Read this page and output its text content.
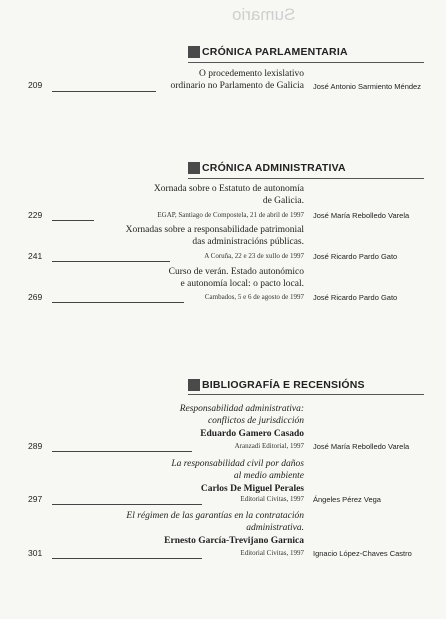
Sumario
CRÓNICA PARLAMENTARIA
O procedemento lexislativo
ordinario no Parlamento de Galicia
209	José Antonio Sarmiento Méndez
CRÓNICA ADMINISTRATIVA
Xornada sobre o Estatuto de autonomía
de Galicia.
229	EGAP, Santiago de Compostela, 21 de abril de 1997 José María Rebolledo Varela
Xornadas sobre a responsabilidade patrimonial
das administracións públicas.
241	A Coruña, 22 e 23 de xullo de 1997 José Ricardo Pardo Gato
Curso de verán. Estado autonómico
e autonomía local: o pacto local.
269	Cambados, 5 e 6 de agosto de 1997 José Ricardo Pardo Gato
BIBLIOGRAFÍA E RECENSIÓNS
Responsabilidad administrativa:
conflictos de jurisdicción
Eduardo Gamero Casado
289	Aranzadi Editorial, 1997 José María Rebolledo Varela
La responsabilidad civil por daños
al medio ambiente
Carlos De Miguel Perales
297	Editorial Civitas, 1997 Ángeles Pérez Vega
El régimen de las garantías en la contratación
administrativa.
Ernesto García-Trevijano Garnica
301	Editorial Civitas, 1997 Ignacio López-Chaves Castro
